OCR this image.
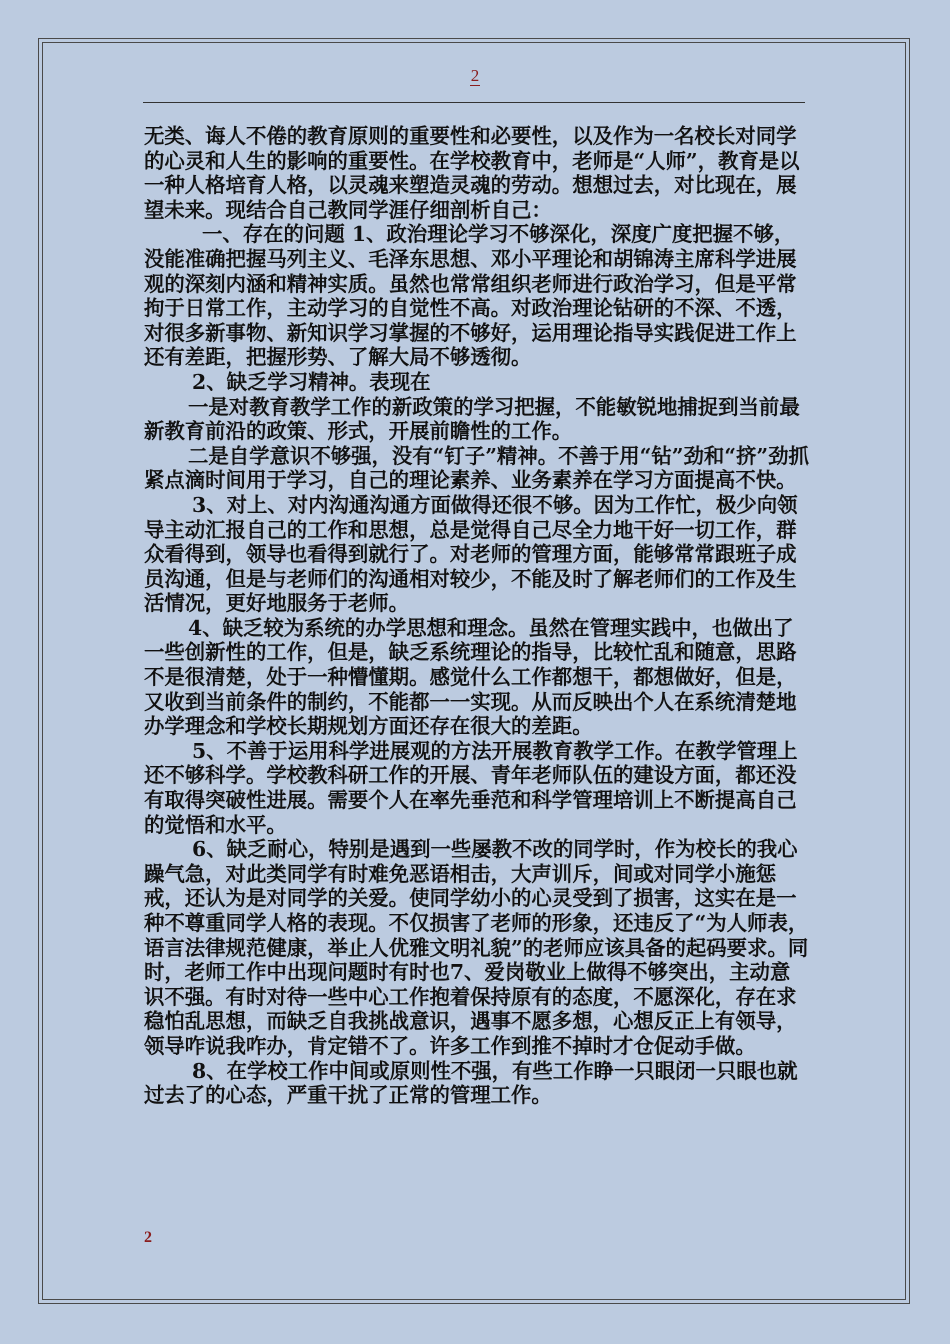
2

无类、诲人不倦的教育原则的重要性和必要性，以及作为一名校长对同学的心灵和人生的影响的重要性。在学校教育中，老师是“人师”，教育是以一种人格培育人格，以灵魂来塑造灵魂的劳动。想想过去，对比现在，展望未来。现结合自己教同学涯仔细剖析自己：

一、存在的问题 1、政治理论学习不够深化，深度广度把握不够，没能准确把握马列主义、毛泽东思想、邓小平理论和胡锦涛主席科学进展观的深刻内涵和精神实质。虽然也常常组织老师进行政治学习，但是平常拘于日常工作，主动学习的自觉性不高。对政治理论钻研的不深、不透，对很多新事物、新知识学习掌握的不够好，运用理论指导实践促进工作上还有差距，把握形势、了解大局不够透彻。

2、缺乏学习精神。表现在

一是对教育教学工作的新政策的学习把握，不能敏锐地捕捉到当前最新教育前沿的政策、形式，开展前瞻性的工作。

二是自学意识不够强，没有“钉子”精神。不善于用“钻”劲和“挤”劲抓紧点滴时间用于学习，自己的理论素养、业务素养在学习方面提高不快。

3、对上、对内沟通沟通方面做得还很不够。因为工作忙，极少向领导主动汇报自己的工作和思想，总是觉得自己尽全力地干好一切工作，群众看得到，领导也看得到就行了。对老师的管理方面，能够常常跟班子成员沟通，但是与老师们的沟通相对较少，不能及时了解老师们的工作及生活情况，更好地服务于老师。

4、缺乏较为系统的办学思想和理念。虽然在管理实践中，也做出了一些创新性的工作，但是，缺乏系统理论的指导，比较忙乱和随意，思路不是很清楚，处于一种懵懂期。感觉什么工作都想干，都想做好，但是，又收到当前条件的制约，不能都一一实现。从而反映出个人在系统清楚地办学理念和学校长期规划方面还存在很大的差距。

5、不善于运用科学进展观的方法开展教育教学工作。在教学管理上还不够科学。学校教科研工作的开展、青年老师队伍的建设方面，都还没有取得突破性进展。需要个人在率先垂范和科学管理培训上不断提高自己的觉悟和水平。

6、缺乏耐心，特别是遇到一些屡教不改的同学时，作为校长的我心躁气急，对此类同学有时难免恶语相击，大声训斥，间或对同学小施惩戒，还认为是对同学的关爱。使同学幼小的心灵受到了损害，这实在是一种不尊重同学人格的表现。不仅损害了老师的形象，还违反了“为人师表，语言法律规范健康，举止人优雅文明礼貌”的老师应该具备的起码要求。同时，老师工作中出现问题时有时也7、爱岗敬业上做得不够突出，主动意识不强。有时对待一些中心工作抱着保持原有的态度，不愿深化，存在求稳怕乱思想，而缺乏自我挑战意识，遇事不愿多想，心想反正上有领导，领导咋说我咋办，肯定错不了。许多工作到推不掉时才仓促动手做。

8、在学校工作中间或原则性不强，有些工作睁一只眼闭一只眼也就过去了的心态，严重干扰了正常的管理工作。

2
